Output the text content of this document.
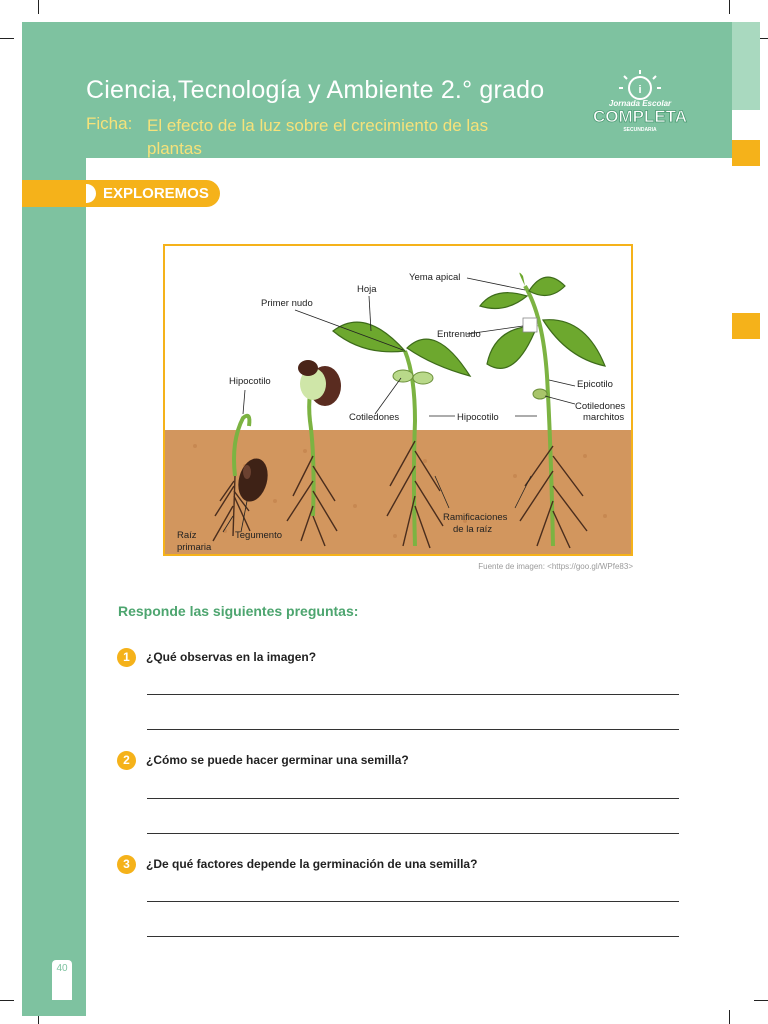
Ciencia,Tecnología y Ambiente 2.° grado
Ficha: El efecto de la luz sobre el crecimiento de las plantas
i
Jornada Escolar
COMPLETA
SECUNDARIA
EXPLOREMOS
Hoja
Yema apical
Primer nudo
Entrenudo
Hipocotilo	Epicotilo
Cotiledones
marchitos
Cotiledones	Hipocotilo
Ramificaciones
de la raíz
Raíz
primaria
Tegumento
Fuente de imagen: <https://goo.gl/WPfe83>
Responde las siguientes preguntas:
1	¿Qué observas en la imagen?
2	¿Cómo se puede hacer germinar una semilla?
3	¿De qué factores depende la germinación de una semilla?
40
